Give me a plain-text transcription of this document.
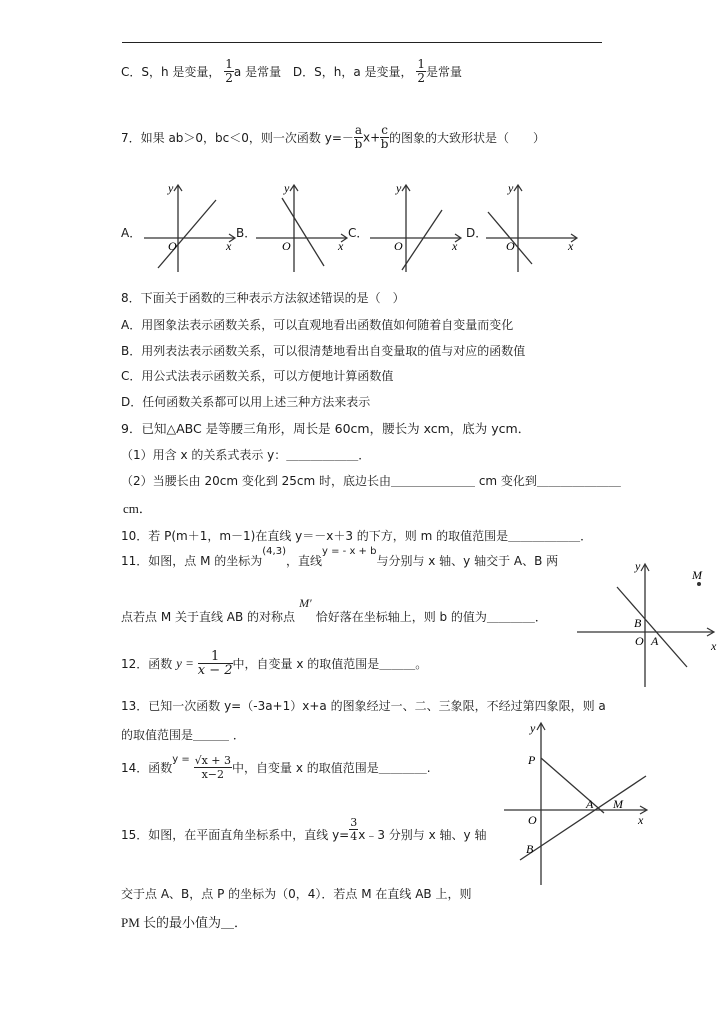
C．S，h 是变量， $\frac{1}{2}$ a 是常量 D．S，h，a 是变量， $\frac{1}{2}$ 是常量
7．如果 ab＞0，bc＜0，则一次函数 $y=- \frac{a}{b} x+ \frac{c}{b}$ 的图象的大致形状是（　　）
A．	B．	C．	D．
y
x
O
y
x
O
y
x
O
y
x
O
8．下面关于函数的三种表示方法叙述错误的是（　）
A．用图象法表示函数关系，可以直观地看出函数值如何随着自变量而变化
B．用列表法表示函数关系，可以很清楚地看出自变量取的值与对应的函数值
C．用公式法表示函数关系，可以方便地计算函数值
D．任何函数关系都可以用上述三种方法来表示
9．已知△ABC 是等腰三角形，周长是 60cm，腰长为 xcm，底为 ycm．
（1）用含 x 的关系式表示 y：＿＿＿＿＿＿．
（2）当腰长由 20cm 变化到 25cm 时，底边长由＿＿＿＿＿＿＿ cm 变化到＿＿＿＿＿＿＿
cm．
10．若 P(m＋1，m－1)在直线 y＝－x＋3 的下方，则 m 的取值范围是＿＿＿＿＿＿．
11．如图，点 M 的坐标为$^{(4,3)}$，直线$^{y = - x + b}$与分别与 x 轴、y 轴交于 A、B 两
点若点 M 关于直线 AB 的对称点M′恰好落在坐标轴上，则 b 的值为＿＿＿＿．
y
x
M
B
O A
12．函数 $y = \frac{1}{x - 2}$ 中，自变量 x 的取值范围是＿＿＿。
13．已知一次函数 y=（-3a+1）x+a 的图象经过一、二、三象限，不经过第四象限，则 a
的取值范围是＿＿＿ ．
14．函数$^{y =} \frac{√x + 3}{x-2}$ 中，自变量 x 的取值范围是＿＿＿＿.
15．如图，在平面直角坐标系中，直线 $y= \frac{3}{4}$ x﹣3 分别与 x 轴、y 轴
交于点 A、B，点 P 的坐标为（0，4）．若点 M 在直线 AB 上，则
PM 长的最小值为＿．
y
x
P
O
B
A M
